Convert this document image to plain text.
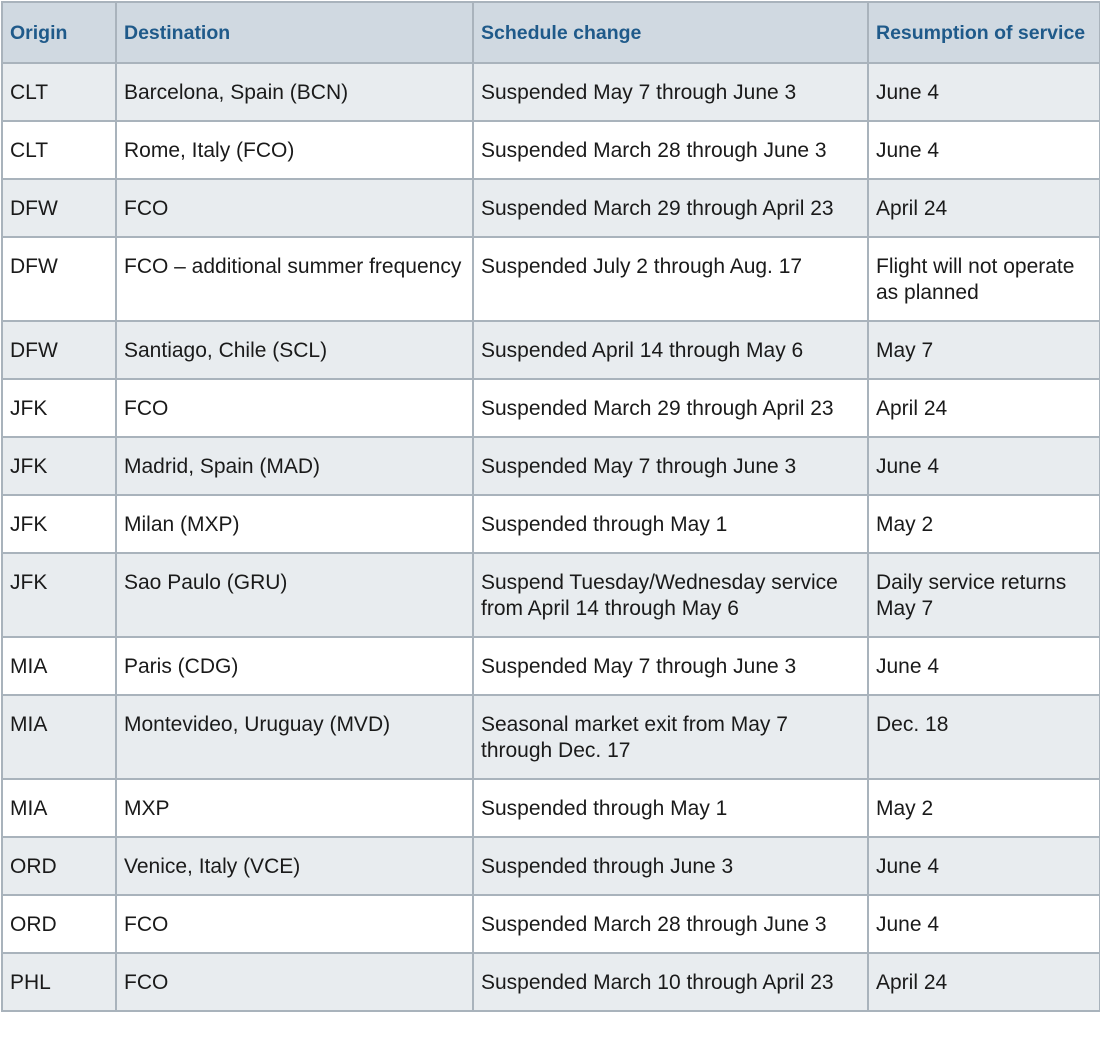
Origin	Destination	Schedule change	Resumption of service
CLT	Barcelona, Spain (BCN)	Suspended May 7 through June 3	June 4
CLT	Rome, Italy (FCO)	Suspended March 28 through June 3	June 4
DFW	FCO	Suspended March 29 through April 23	April 24
DFW	FCO – additional summer frequency	Suspended July 2 through Aug. 17	Flight will not operate as planned
DFW	Santiago, Chile (SCL)	Suspended April 14 through May 6	May 7
JFK	FCO	Suspended March 29 through April 23	April 24
JFK	Madrid, Spain (MAD)	Suspended May 7 through June 3	June 4
JFK	Milan (MXP)	Suspended through May 1	May 2
JFK	Sao Paulo (GRU)	Suspend Tuesday/Wednesday service from April 14 through May 6	Daily service returns May 7
MIA	Paris (CDG)	Suspended May 7 through June 3	June 4
MIA	Montevideo, Uruguay (MVD)	Seasonal market exit from May 7 through Dec. 17	Dec. 18
MIA	MXP	Suspended through May 1	May 2
ORD	Venice, Italy (VCE)	Suspended through June 3	June 4
ORD	FCO	Suspended March 28 through June 3	June 4
PHL	FCO	Suspended March 10 through April 23	April 24
